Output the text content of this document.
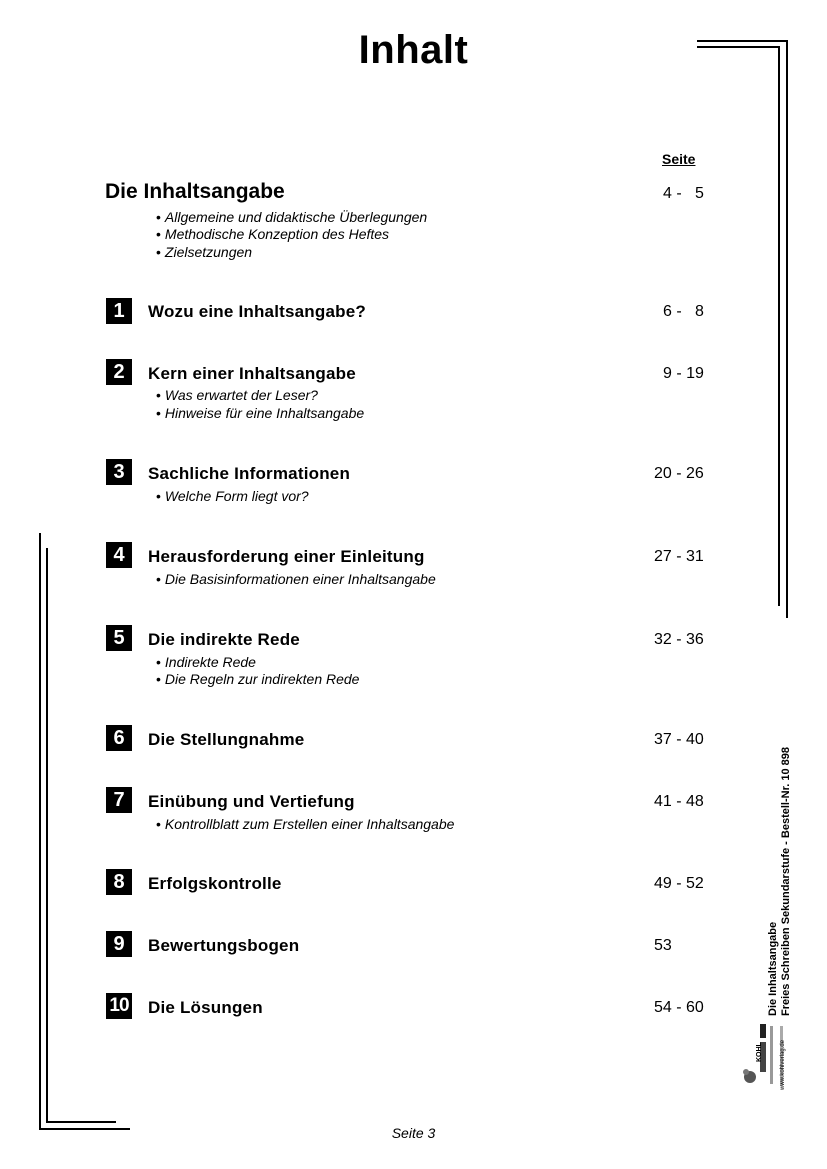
Inhalt
Seite
Die Inhaltsangabe	4 -   5
• Allgemeine und didaktische Überlegungen
• Methodische Konzeption des Heftes
• Zielsetzungen
1	Wozu eine Inhaltsangabe?	6 -   8
2	Kern einer Inhaltsangabe	9 - 19
• Was erwartet der Leser?
• Hinweise für eine Inhaltsangabe
3	Sachliche Informationen	20 - 26
• Welche Form liegt vor?
4	Herausforderung einer Einleitung	27 - 31
• Die Basisinformationen einer Inhaltsangabe
5	Die indirekte Rede	32 - 36
• Indirekte Rede
• Die Regeln zur indirekten Rede
6	Die Stellungnahme	37 - 40
7	Einübung und Vertiefung	41 - 48
• Kontrollblatt zum Erstellen einer Inhaltsangabe
8	Erfolgskontrolle	49 - 52
9	Bewertungsbogen	53
10 Die Lösungen	54 - 60	Die Inhaltsangabe Freies Schreiben Sekundarstufe - Bestell-Nr. 10 898
KOHL	www.kohlverlag.de
Seite 3
